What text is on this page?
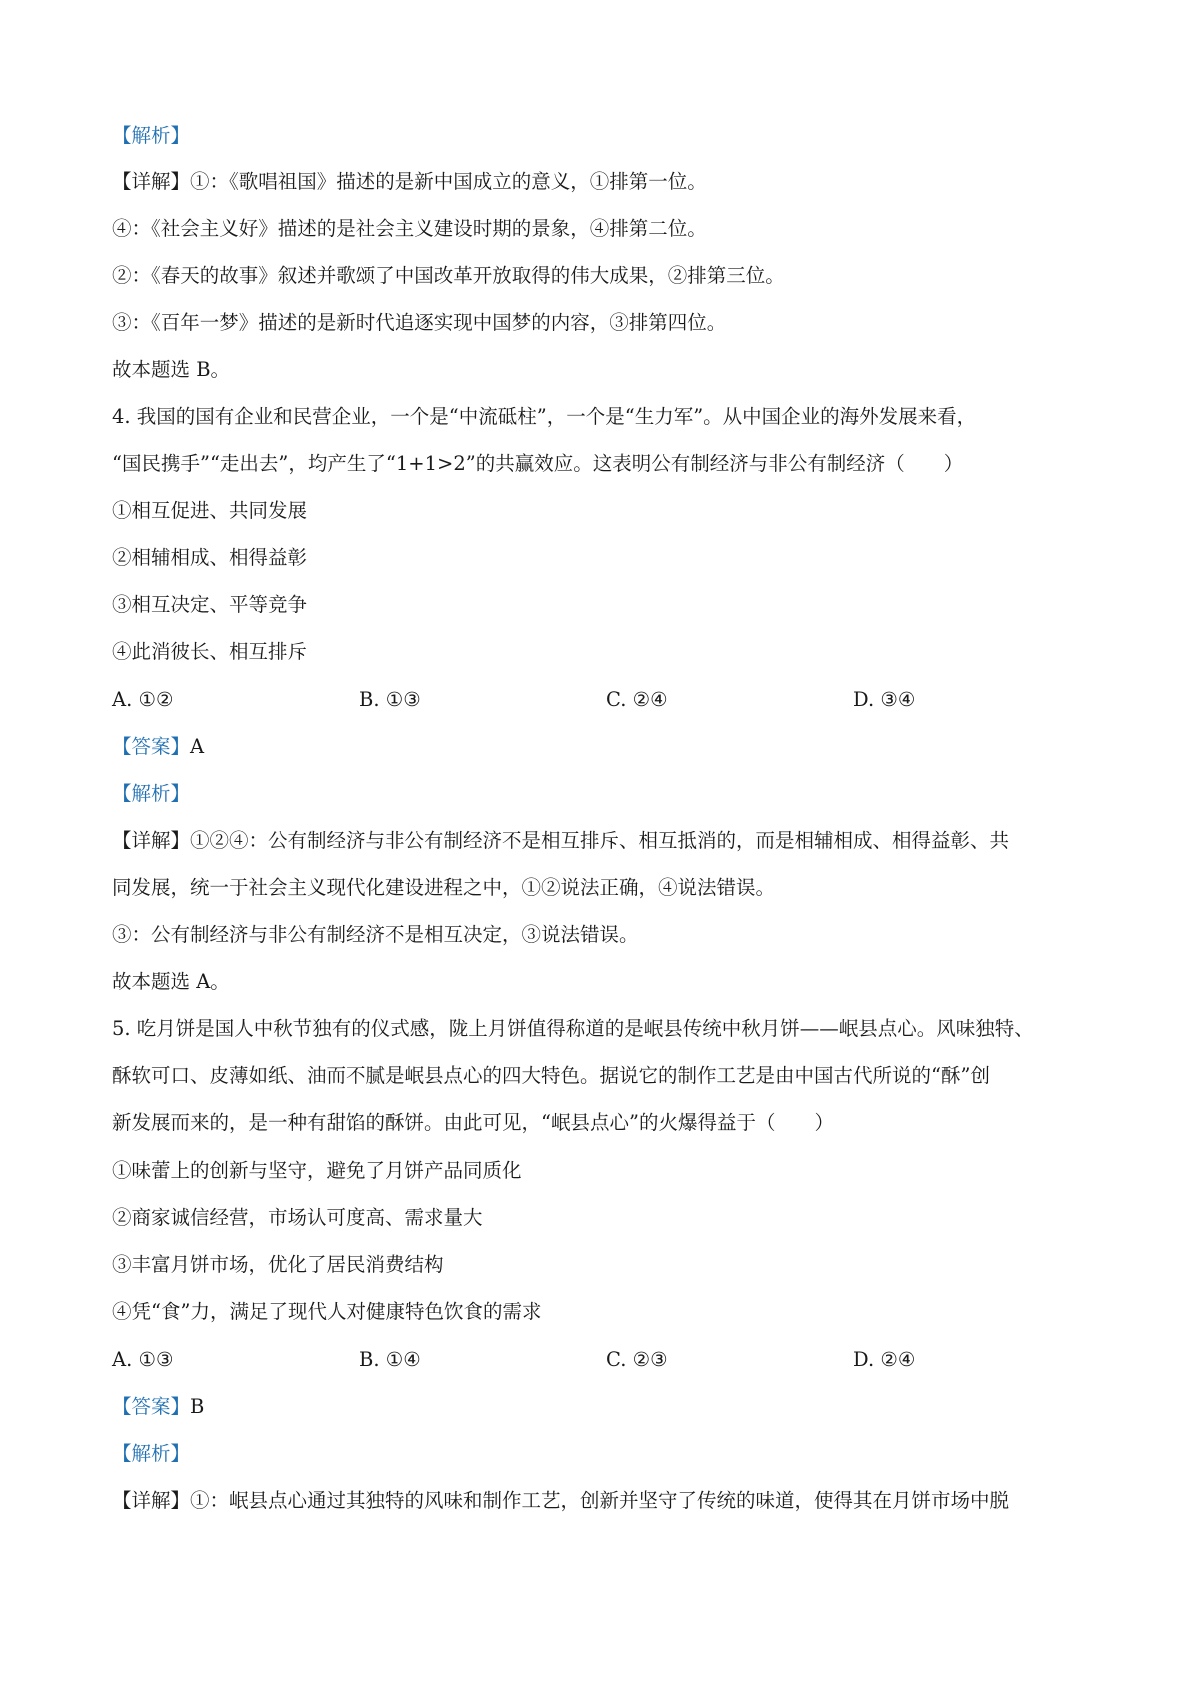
【解析】
【详解】①：《歌唱祖国》描述的是新中国成立的意义，①排第一位。
④：《社会主义好》描述的是社会主义建设时期的景象，④排第二位。
②：《春天的故事》叙述并歌颂了中国改革开放取得的伟大成果，②排第三位。
③：《百年一梦》描述的是新时代追逐实现中国梦的内容，③排第四位。
故本题选 B。
4. 我国的国有企业和民营企业，一个是“中流砥柱”，一个是“生力军”。从中国企业的海外发展来看，
“国民携手”“走出去”，均产生了“1+1>2”的共赢效应。这表明公有制经济与非公有制经济（　　）
①相互促进、共同发展
②相辅相成、相得益彰
③相互决定、平等竞争
④此消彼长、相互排斥
A. ①②	B. ①③	C. ②④	D. ③④
【答案】A
【解析】
【详解】①②④：公有制经济与非公有制经济不是相互排斥、相互抵消的，而是相辅相成、相得益彰、共
同发展，统一于社会主义现代化建设进程之中，①②说法正确，④说法错误。
③：公有制经济与非公有制经济不是相互决定，③说法错误。
故本题选 A。
5. 吃月饼是国人中秋节独有的仪式感，陇上月饼值得称道的是岷县传统中秋月饼——岷县点心。风味独特、
酥软可口、皮薄如纸、油而不腻是岷县点心的四大特色。据说它的制作工艺是由中国古代所说的“酥”创
新发展而来的，是一种有甜馅的酥饼。由此可见，“岷县点心”的火爆得益于（　　）
①味蕾上的创新与坚守，避免了月饼产品同质化
②商家诚信经营，市场认可度高、需求量大
③丰富月饼市场，优化了居民消费结构
④凭“食”力，满足了现代人对健康特色饮食的需求
A. ①③	B. ①④	C. ②③	D. ②④
【答案】B
【解析】
【详解】①：岷县点心通过其独特的风味和制作工艺，创新并坚守了传统的味道，使得其在月饼市场中脱
